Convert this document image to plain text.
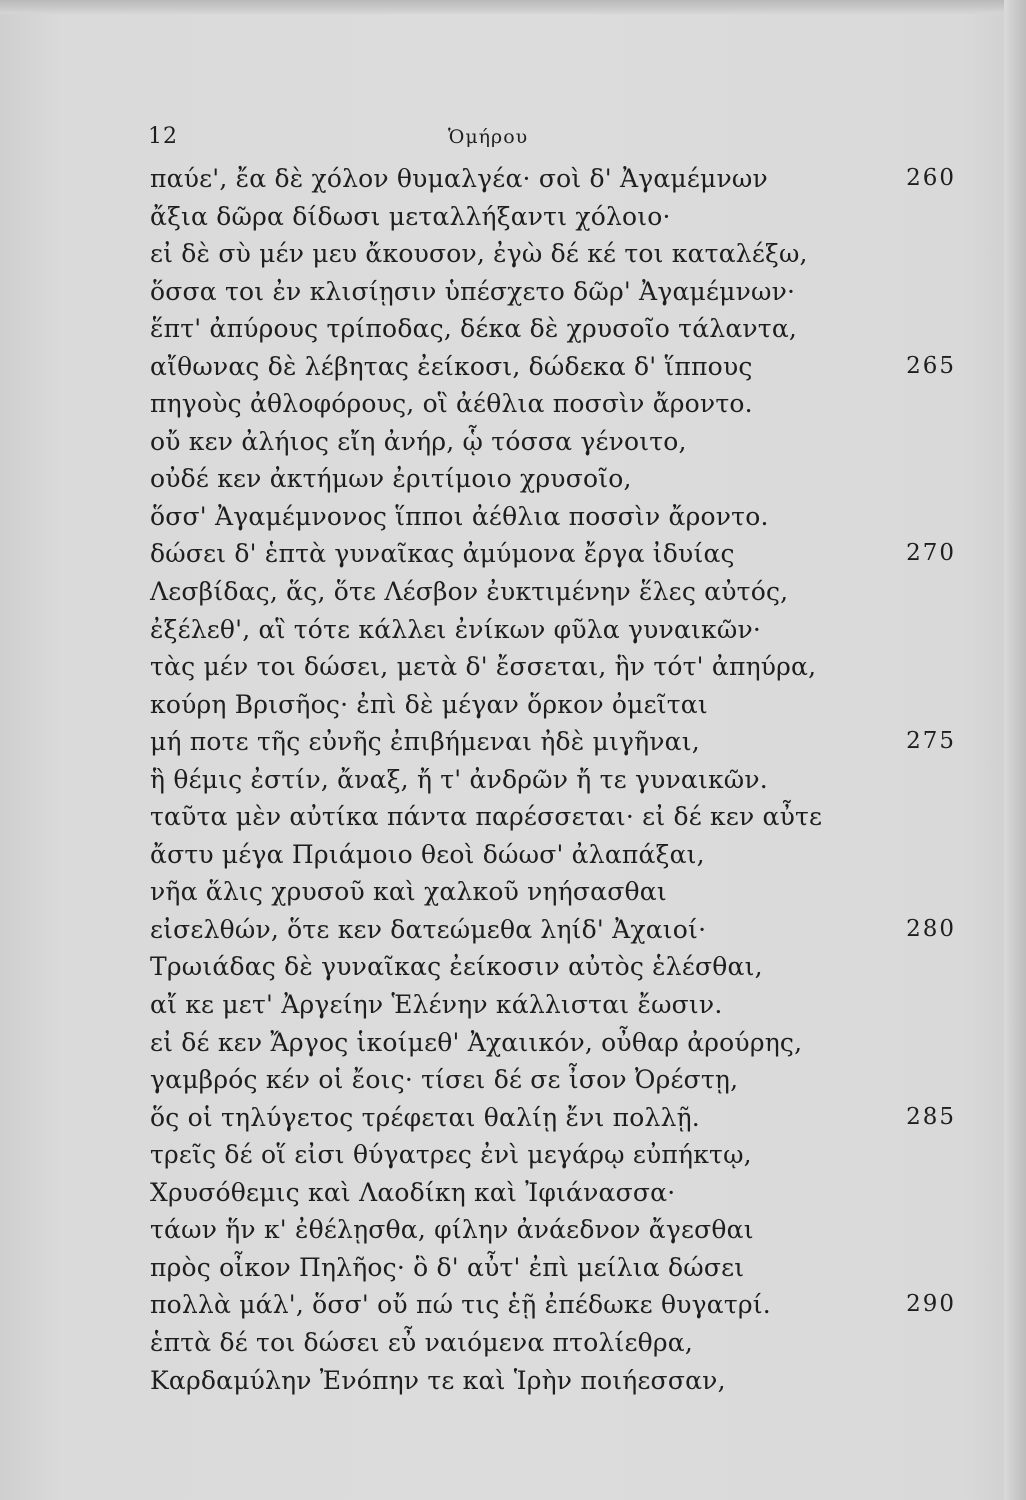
12	Ὁμήρου
παύε', ἔα δὲ χόλον θυμαλγέα· σοὶ δ' Ἀγαμέμνων	260
ἄξια δῶρα δίδωσι μεταλλήξαντι χόλοιο·
εἰ δὲ σὺ μέν μευ ἄκουσον, ἐγὼ δέ κέ τοι καταλέξω,
ὅσσα τοι ἐν κλισίῃσιν ὑπέσχετο δῶρ' Ἀγαμέμνων·
ἕπτ' ἀπύρους τρίποδας, δέκα δὲ χρυσοῖο τάλαντα,
αἴθωνας δὲ λέβητας ἐείκοσι, δώδεκα δ' ἵππους	265
πηγοὺς ἀθλοφόρους, οἳ ἀέθλια ποσσὶν ἄροντο.
οὔ κεν ἀλήιος εἴη ἀνήρ, ᾧ τόσσα γένοιτο,
οὐδέ κεν ἀκτήμων ἐριτίμοιο χρυσοῖο,
ὅσσ' Ἀγαμέμνονος ἵπποι ἀέθλια ποσσὶν ἄροντο.
δώσει δ' ἑπτὰ γυναῖκας ἀμύμονα ἔργα ἰδυίας	270
Λεσβίδας, ἅς, ὅτε Λέσβον ἐυκτιμένην ἕλες αὐτός,
ἐξέλεθ', αἳ τότε κάλλει ἐνίκων φῦλα γυναικῶν·
τὰς μέν τοι δώσει, μετὰ δ' ἔσσεται, ἣν τότ' ἀπηύρα,
κούρη Βρισῆος· ἐπὶ δὲ μέγαν ὅρκον ὀμεῖται
μή ποτε τῆς εὐνῆς ἐπιβήμεναι ἠδὲ μιγῆναι,	275
ἣ θέμις ἐστίν, ἄναξ, ἤ τ' ἀνδρῶν ἤ τε γυναικῶν.
ταῦτα μὲν αὐτίκα πάντα παρέσσεται· εἰ δέ κεν αὖτε
ἄστυ μέγα Πριάμοιο θεοὶ δώωσ' ἀλαπάξαι,
νῆα ἅλις χρυσοῦ καὶ χαλκοῦ νηήσασθαι
εἰσελθών, ὅτε κεν δατεώμεθα ληίδ' Ἀχαιοί·	280
Τρωιάδας δὲ γυναῖκας ἐείκοσιν αὐτὸς ἑλέσθαι,
αἴ κε μετ' Ἀργείην Ἑλένην κάλλισται ἔωσιν.
εἰ δέ κεν Ἄργος ἱκοίμεθ' Ἀχαιικόν, οὖθαρ ἀρούρης,
γαμβρός κέν οἱ ἔοις· τίσει δέ σε ἶσον Ὀρέστῃ,
ὅς οἱ τηλύγετος τρέφεται θαλίῃ ἔνι πολλῇ.	285
τρεῖς δέ οἵ εἰσι θύγατρες ἐνὶ μεγάρῳ εὐπήκτῳ,
Χρυσόθεμις καὶ Λαοδίκη καὶ Ἰφιάνασσα·
τάων ἥν κ' ἐθέλῃσθα, φίλην ἀνάεδνον ἄγεσθαι
πρὸς οἶκον Πηλῆος· ὃ δ' αὖτ' ἐπὶ μείλια δώσει
πολλὰ μάλ', ὅσσ' οὔ πώ τις ἑῇ ἐπέδωκε θυγατρί.	290
ἑπτὰ δέ τοι δώσει εὖ ναιόμενα πτολίεθρα,
Καρδαμύλην Ἐνόπην τε καὶ Ἱρὴν ποιήεσσαν,
